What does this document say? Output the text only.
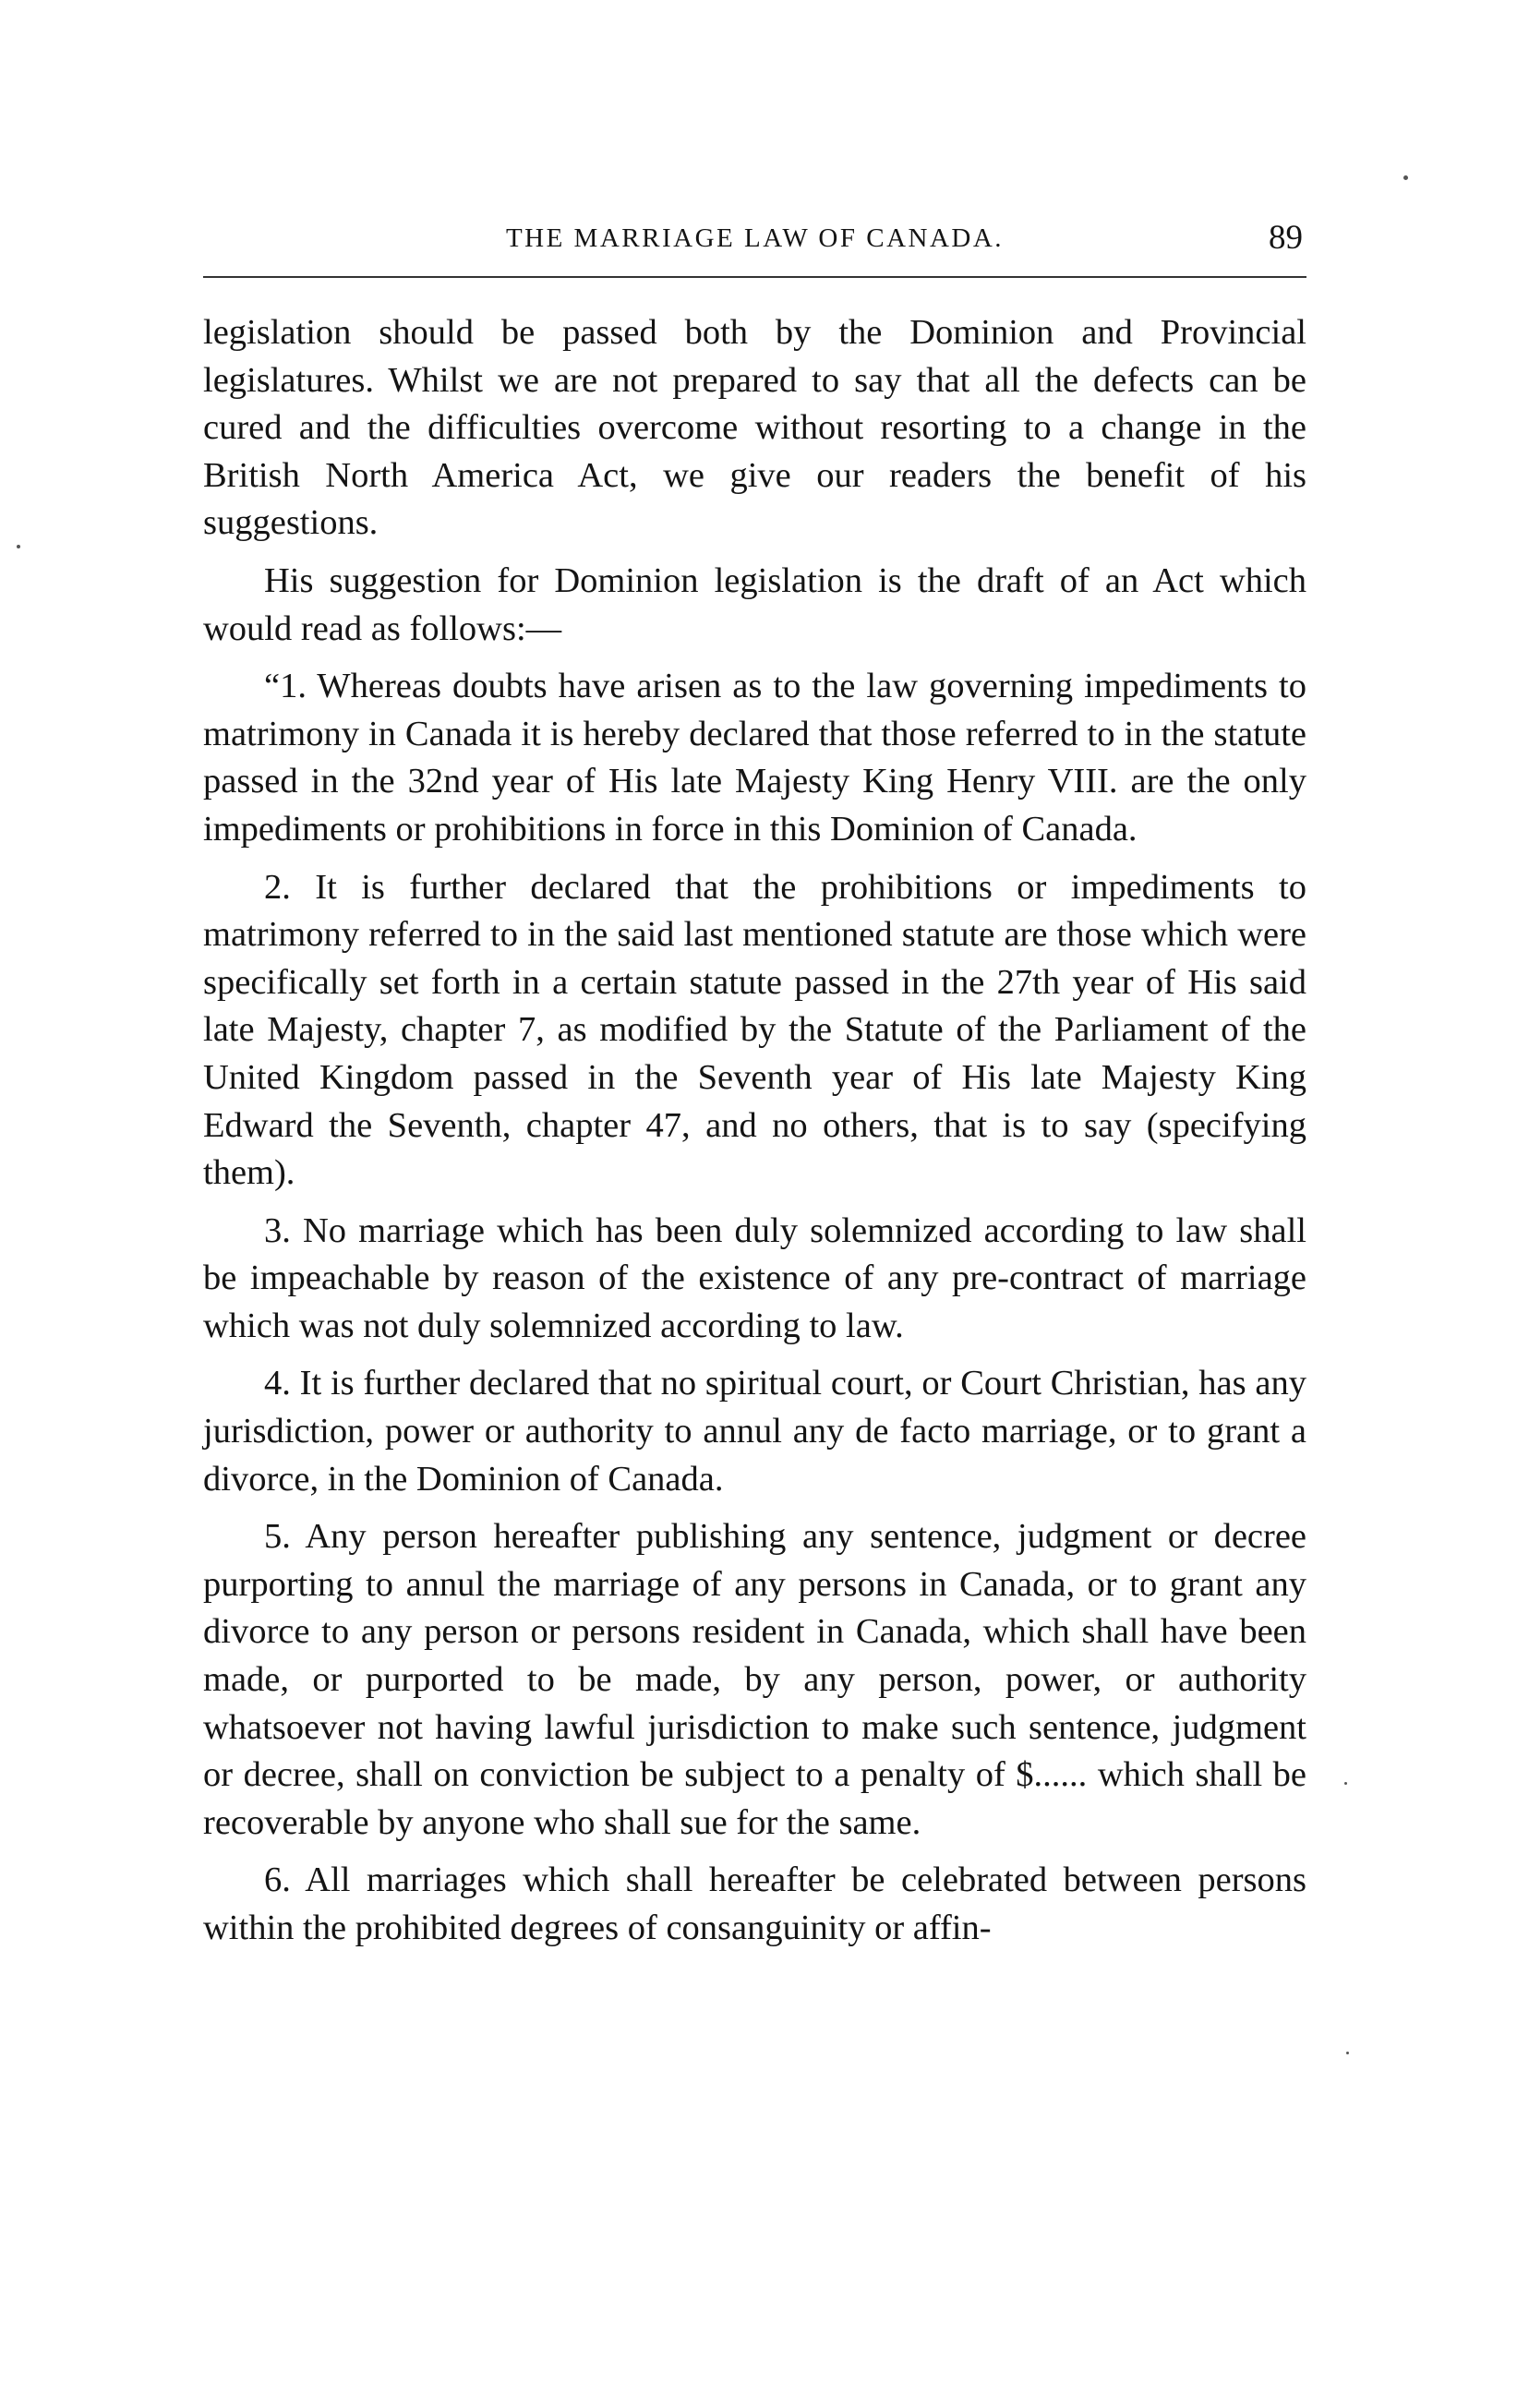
THE MARRIAGE LAW OF CANADA.	89

legislation should be passed both by the Dominion and Provincial legislatures. Whilst we are not prepared to say that all the defects can be cured and the difficulties overcome without resorting to a change in the British North America Act, we give our readers the benefit of his suggestions.

His suggestion for Dominion legislation is the draft of an Act which would read as follows:—

“1. Whereas doubts have arisen as to the law governing impediments to matrimony in Canada it is hereby declared that those referred to in the statute passed in the 32nd year of His late Majesty King Henry VIII. are the only impediments or prohibitions in force in this Dominion of Canada.

2. It is further declared that the prohibitions or impediments to matrimony referred to in the said last mentioned statute are those which were specifically set forth in a certain statute passed in the 27th year of His said late Majesty, chapter 7, as modified by the Statute of the Parliament of the United Kingdom passed in the Seventh year of His late Majesty King Edward the Seventh, chapter 47, and no others, that is to say (specifying them).

3. No marriage which has been duly solemnized according to law shall be impeachable by reason of the existence of any pre-contract of marriage which was not duly solemnized according to law.

4. It is further declared that no spiritual court, or Court Christian, has any jurisdiction, power or authority to annul any de facto marriage, or to grant a divorce, in the Dominion of Canada.

5. Any person hereafter publishing any sentence, judgment or decree purporting to annul the marriage of any persons in Canada, or to grant any divorce to any person or persons resident in Canada, which shall have been made, or purported to be made, by any person, power, or authority whatsoever not having lawful jurisdiction to make such sentence, judgment or decree, shall on conviction be subject to a penalty of $...... which shall be recoverable by anyone who shall sue for the same.

6. All marriages which shall hereafter be celebrated between persons within the prohibited degrees of consanguinity or affin-
